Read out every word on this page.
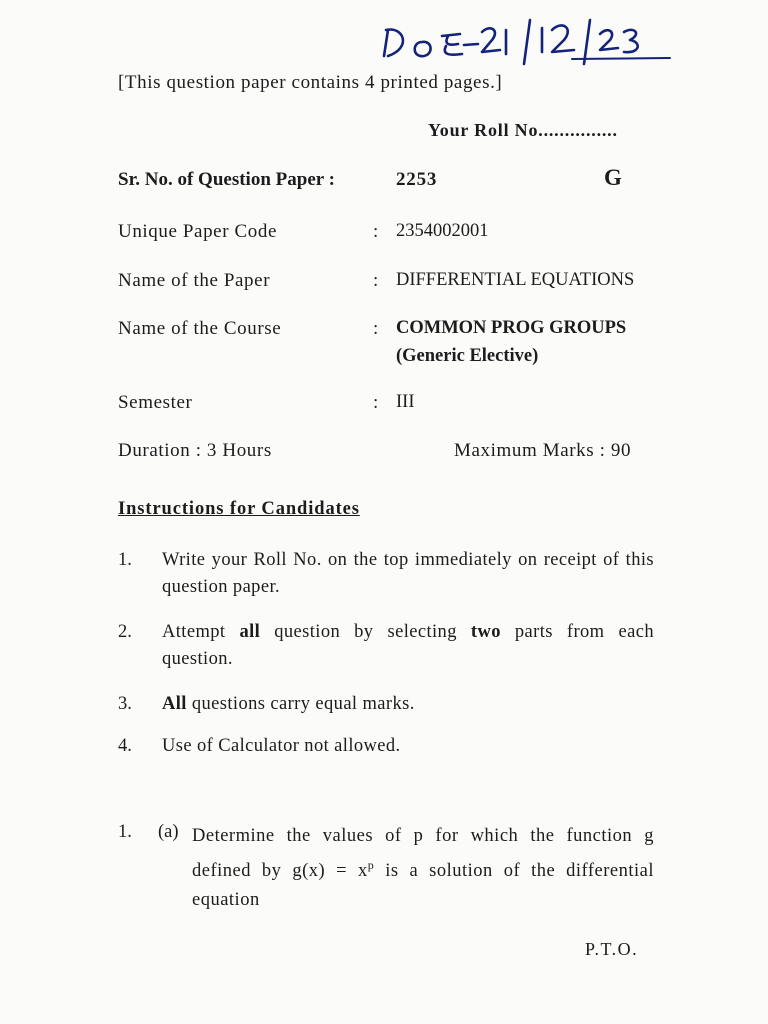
[This question paper contains 4 printed pages.]
Your Roll No...............
Sr. No. of Question Paper :	2253	G
Unique Paper Code	: 2354002001
Name of the Paper	: DIFFERENTIAL EQUATIONS
Name of the Course	: COMMON PROG GROUPS
(Generic Elective)
Semester	: III
Duration : 3 Hours	Maximum Marks : 90
Instructions for Candidates
1. Write your Roll No. on the top immediately on receipt of this question paper.
2. Attempt all question by selecting two parts from each question.
3. All questions carry equal marks.
4. Use of Calculator not allowed.
1. (a) Determine the values of p for which the function g defined by $g(x) = x^p$ is a solution of the differential equation
P.T.O.
